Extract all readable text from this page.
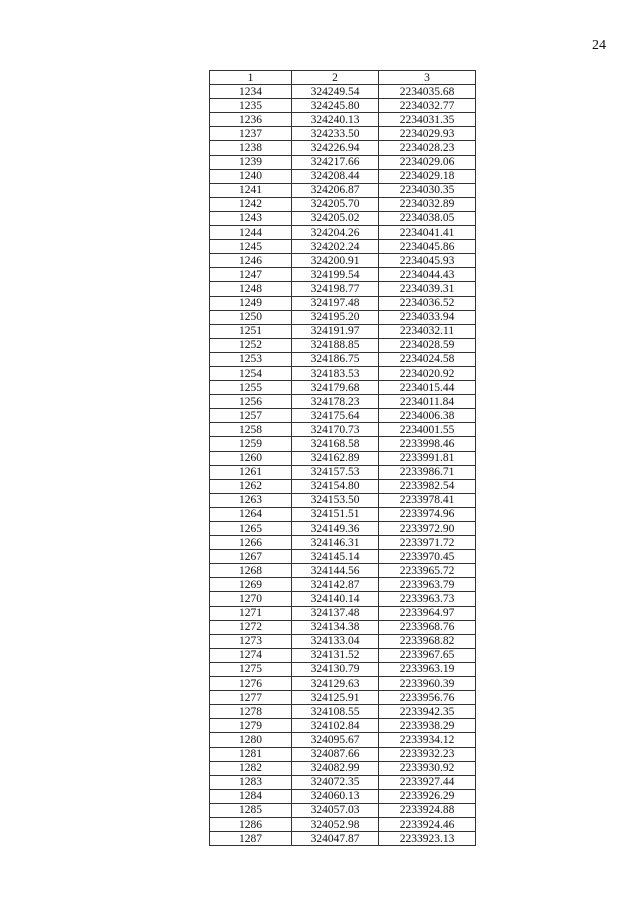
24
1	2	3
1234	324249.54	2234035.68
1235	324245.80	2234032.77
1236	324240.13	2234031.35
1237	324233.50	2234029.93
1238	324226.94	2234028.23
1239	324217.66	2234029.06
1240	324208.44	2234029.18
1241	324206.87	2234030.35
1242	324205.70	2234032.89
1243	324205.02	2234038.05
1244	324204.26	2234041.41
1245	324202.24	2234045.86
1246	324200.91	2234045.93
1247	324199.54	2234044.43
1248	324198.77	2234039.31
1249	324197.48	2234036.52
1250	324195.20	2234033.94
1251	324191.97	2234032.11
1252	324188.85	2234028.59
1253	324186.75	2234024.58
1254	324183.53	2234020.92
1255	324179.68	2234015.44
1256	324178.23	2234011.84
1257	324175.64	2234006.38
1258	324170.73	2234001.55
1259	324168.58	2233998.46
1260	324162.89	2233991.81
1261	324157.53	2233986.71
1262	324154.80	2233982.54
1263	324153.50	2233978.41
1264	324151.51	2233974.96
1265	324149.36	2233972.90
1266	324146.31	2233971.72
1267	324145.14	2233970.45
1268	324144.56	2233965.72
1269	324142.87	2233963.79
1270	324140.14	2233963.73
1271	324137.48	2233964.97
1272	324134.38	2233968.76
1273	324133.04	2233968.82
1274	324131.52	2233967.65
1275	324130.79	2233963.19
1276	324129.63	2233960.39
1277	324125.91	2233956.76
1278	324108.55	2233942.35
1279	324102.84	2233938.29
1280	324095.67	2233934.12
1281	324087.66	2233932.23
1282	324082.99	2233930.92
1283	324072.35	2233927.44
1284	324060.13	2233926.29
1285	324057.03	2233924.88
1286	324052.98	2233924.46
1287	324047.87	2233923.13
